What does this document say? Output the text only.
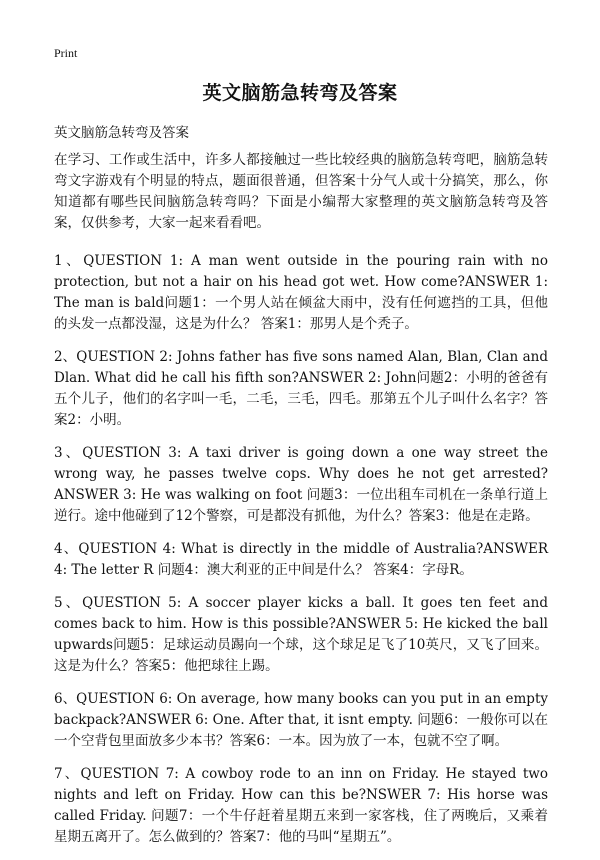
Print
英文脑筋急转弯及答案
英文脑筋急转弯及答案

在学习、工作或生活中，许多人都接触过一些比较经典的脑筋急转弯吧，脑筋急转弯文字游戏有个明显的特点，题面很普通，但答案十分气人或十分搞笑，那么，你知道都有哪些民间脑筋急转弯吗？下面是小编帮大家整理的英文脑筋急转弯及答案，仅供参考，大家一起来看看吧。

1、QUESTION 1: A man went outside in the pouring rain with no protection, but not a hair on his head got wet. How come?ANSWER 1: The man is bald问题1：一个男人站在倾盆大雨中，没有任何遮挡的工具，但他的头发一点都没湿，这是为什么？ 答案1：那男人是个秃子。

2、QUESTION 2: Johns father has five sons named Alan, Blan, Clan and Dlan. What did he call his fifth son?ANSWER 2: John问题2：小明的爸爸有五个儿子，他们的名字叫一毛，二毛，三毛，四毛。那第五个儿子叫什么名字？答案2：小明。

3、QUESTION 3: A taxi driver is going down a one way street the wrong way, he passes twelve cops. Why does he not get arrested?ANSWER 3: He was walking on foot 问题3：一位出租车司机在一条单行道上逆行。途中他碰到了12个警察，可是都没有抓他，为什么？答案3：他是在走路。

4、QUESTION 4: What is directly in the middle of Australia?ANSWER 4: The letter R 问题4：澳大利亚的正中间是什么？ 答案4：字母R。

5、QUESTION 5: A soccer player kicks a ball. It goes ten feet and comes back to him. How is this possible?ANSWER 5: He kicked the ball upwards问题5：足球运动员踢向一个球，这个球足足飞了10英尺，又飞了回来。这是为什么？答案5：他把球往上踢。

6、QUESTION 6: On average, how many books can you put in an empty backpack?ANSWER 6: One. After that, it isnt empty. 问题6：一般你可以在一个空背包里面放多少本书？答案6：一本。因为放了一本，包就不空了啊。

7、QUESTION 7: A cowboy rode to an inn on Friday. He stayed two nights and left on Friday. How can this be?NSWER 7: His horse was called Friday. 问题7：一个牛仔赶着星期五来到一家客栈，住了两晚后，又乘着星期五离开了。怎么做到的？答案7：他的马叫“星期五”。
